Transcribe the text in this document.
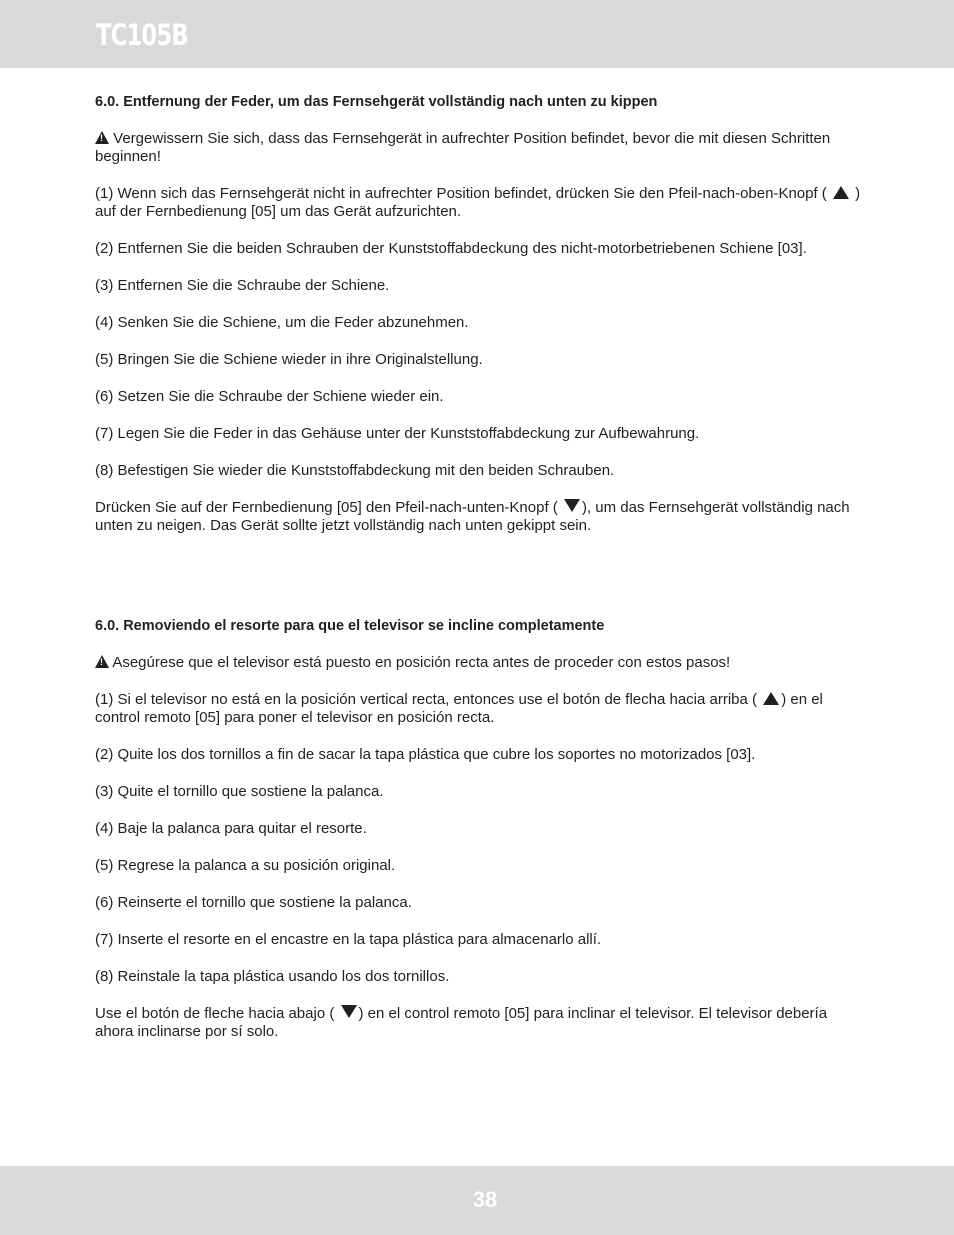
TC105B

6.0. Entfernung der Feder, um das Fernsehgerät vollständig nach unten zu kippen

! Vergewissern Sie sich, dass das Fernsehgerät in aufrechter Position befindet, bevor die mit diesen Schritten beginnen!

(1) Wenn sich das Fernsehgerät nicht in aufrechter Position befindet, drücken Sie den Pfeil-nach-oben-Knopf ( ) auf der Fernbedienung [05] um das Gerät aufzurichten.

(2) Entfernen Sie die beiden Schrauben der Kunststoffabdeckung des nicht-motorbetriebenen Schiene [03].

(3) Entfernen Sie die Schraube der Schiene.

(4) Senken Sie die Schiene, um die Feder abzunehmen.

(5) Bringen Sie die Schiene wieder in ihre Originalstellung.

(6) Setzen Sie die Schraube der Schiene wieder ein.

(7) Legen Sie die Feder in das Gehäuse unter der Kunststoffabdeckung zur Aufbewahrung.

(8) Befestigen Sie wieder die Kunststoffabdeckung mit den beiden Schrauben.

Drücken Sie auf der Fernbedienung [05] den Pfeil-nach-unten-Knopf ( ), um das Fernsehgerät vollständig nach unten zu neigen. Das Gerät sollte jetzt vollständig nach unten gekippt sein.

6.0. Removiendo el resorte para que el televisor se incline completamente

! Asegúrese que el televisor está puesto en posición recta antes de proceder con estos pasos!

(1) Si el televisor no está en la posición vertical recta, entonces use el botón de flecha hacia arriba ( ) en el control remoto [05] para poner el televisor en posición recta.

(2) Quite los dos tornillos a fin de sacar la tapa plástica que cubre los soportes no motorizados [03].

(3) Quite el tornillo que sostiene la palanca.

(4) Baje la palanca para quitar el resorte.

(5) Regrese la palanca a su posición original.

(6) Reinserte el tornillo que sostiene la palanca.

(7) Inserte el resorte en el encastre en la tapa plástica para almacenarlo allí.

(8) Reinstale la tapa plástica usando los dos tornillos.

Use el botón de fleche hacia abajo ( ) en el control remoto [05] para inclinar el televisor. El televisor debería ahora inclinarse por sí solo.

38
